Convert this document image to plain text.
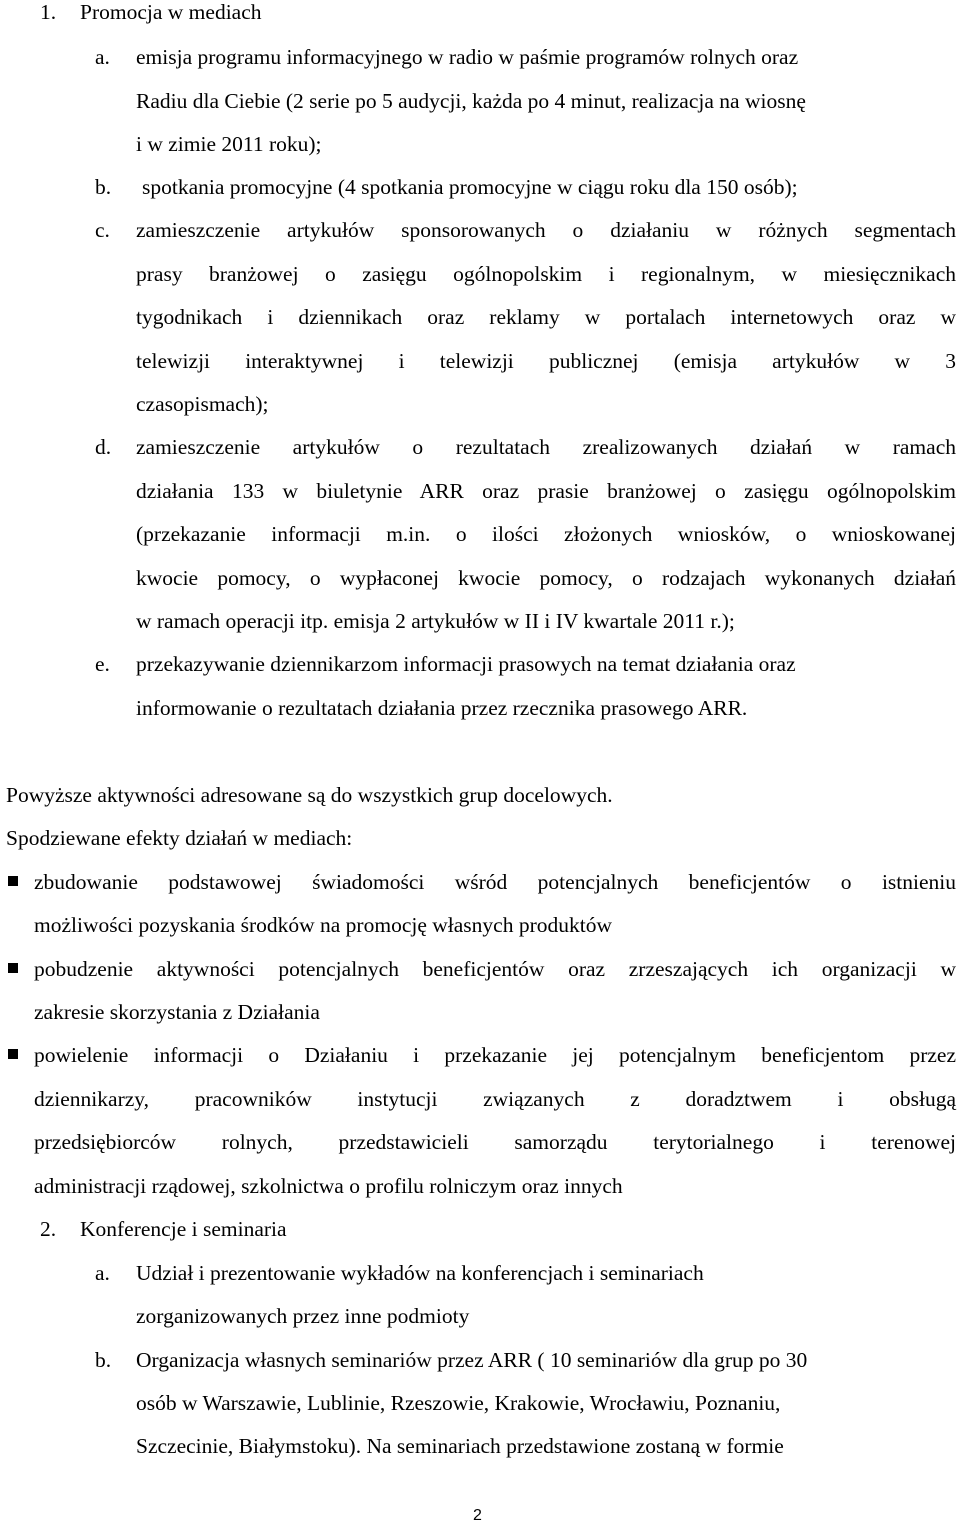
1. Promocja w mediach
a. emisja programu informacyjnego w radio w paśmie programów rolnych oraz
Radiu dla Ciebie (2 serie po 5 audycji, każda po 4 minut, realizacja na wiosnę
i w zimie 2011 roku);
b. spotkania promocyjne (4 spotkania promocyjne w ciągu roku dla 150 osób);
c. zamieszczenie artykułów sponsorowanych o działaniu w różnych segmentach
prasy branżowej o zasięgu ogólnopolskim i regionalnym, w miesięcznikach
tygodnikach i dziennikach oraz reklamy w portalach internetowych oraz w
telewizji interaktywnej i telewizji publicznej (emisja artykułów w 3
czasopismach);
d. zamieszczenie artykułów o rezultatach zrealizowanych działań w ramach
działania 133 w biuletynie ARR oraz prasie branżowej o zasięgu ogólnopolskim
(przekazanie informacji m.in. o ilości złożonych wniosków, o wnioskowanej
kwocie pomocy, o wypłaconej kwocie pomocy, o rodzajach wykonanych działań
w ramach operacji itp. emisja 2 artykułów w II i IV kwartale 2011 r.);
e. przekazywanie dziennikarzom informacji prasowych na temat działania oraz
informowanie o rezultatach działania przez rzecznika prasowego ARR.
Powyższe aktywności adresowane są do wszystkich grup docelowych.
Spodziewane efekty działań w mediach:
zbudowanie podstawowej świadomości wśród potencjalnych beneficjentów o istnieniu
możliwości pozyskania środków na promocję własnych produktów
pobudzenie aktywności potencjalnych beneficjentów oraz zrzeszających ich organizacji w
zakresie skorzystania z Działania
powielenie informacji o Działaniu i przekazanie jej potencjalnym beneficjentom przez
dziennikarzy, pracowników instytucji związanych z doradztwem i obsługą
przedsiębiorców rolnych, przedstawicieli samorządu terytorialnego i terenowej
administracji rządowej, szkolnictwa o profilu rolniczym oraz innych
2. Konferencje i seminaria
a. Udział i prezentowanie wykładów na konferencjach i seminariach
zorganizowanych przez inne podmioty
b. Organizacja własnych seminariów przez ARR ( 10 seminariów dla grup po 30
osób w Warszawie, Lublinie, Rzeszowie, Krakowie, Wrocławiu, Poznaniu,
Szczecinie, Białymstoku). Na seminariach przedstawione zostaną w formie
2
